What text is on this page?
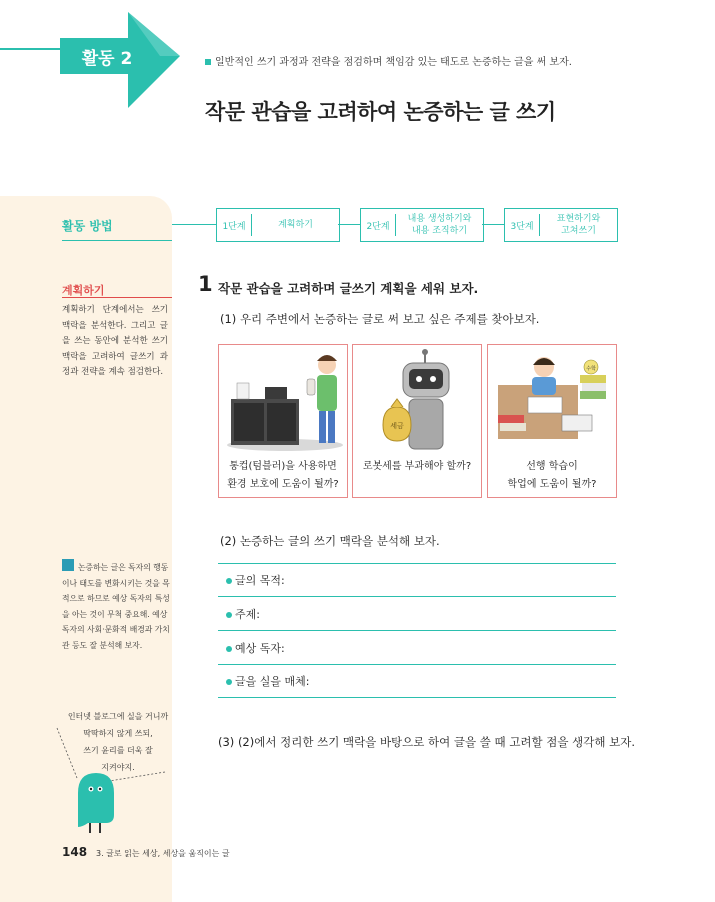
활동 2	일반적인 쓰기 과정과 전략을 점검하며 책임감 있는 태도로 논증하는 글을 써 보자.
작문 관습을 고려하여 논증하는 글 쓰기
활동 방법
계획하기
계획하기 단계에서는 쓰기 맥락을 분석한다. 그리고 글을 쓰는 동안에 분석한 쓰기 맥락을 고려하여 글쓰기 과정과 전략을 계속 점검한다.
논증하는 글은 독자의 행동이나 태도를 변화시키는 것을 목적으로 하므로 예상 독자의 특성을 아는 것이 무척 중요해. 예상 독자의 사회·문화적 배경과 가치관 등도 잘 분석해 보자.
인터넷 블로그에 실을 거니까
딱딱하지 않게 쓰되,
쓰기 윤리를 더욱 잘
지켜야지.
148 3. 글로 읽는 세상, 세상을 움직이는 글
1단계	계획하기	2단계
내용 생성하기와
내용 조직하기	3단계
표현하기와
고쳐쓰기
1 작문 관습을 고려하며 글쓰기 계획을 세워 보자.
(1) 우리 주변에서 논증하는 글로 써 보고 싶은 주제를 찾아보자.
통컵(텀블러)을 사용하면
환경 보호에 도움이 될까?
세금
로봇세를 부과해야 할까?
수학
선행 학습이
학업에 도움이 될까?
(2) 논증하는 글의 쓰기 맥락을 분석해 보자.
글의 목적:
주제:
예상 독자:
글을 실을 매체:
(3) (2)에서 정리한 쓰기 맥락을 바탕으로 하여 글을 쓸 때 고려할 점을 생각해 보자.
